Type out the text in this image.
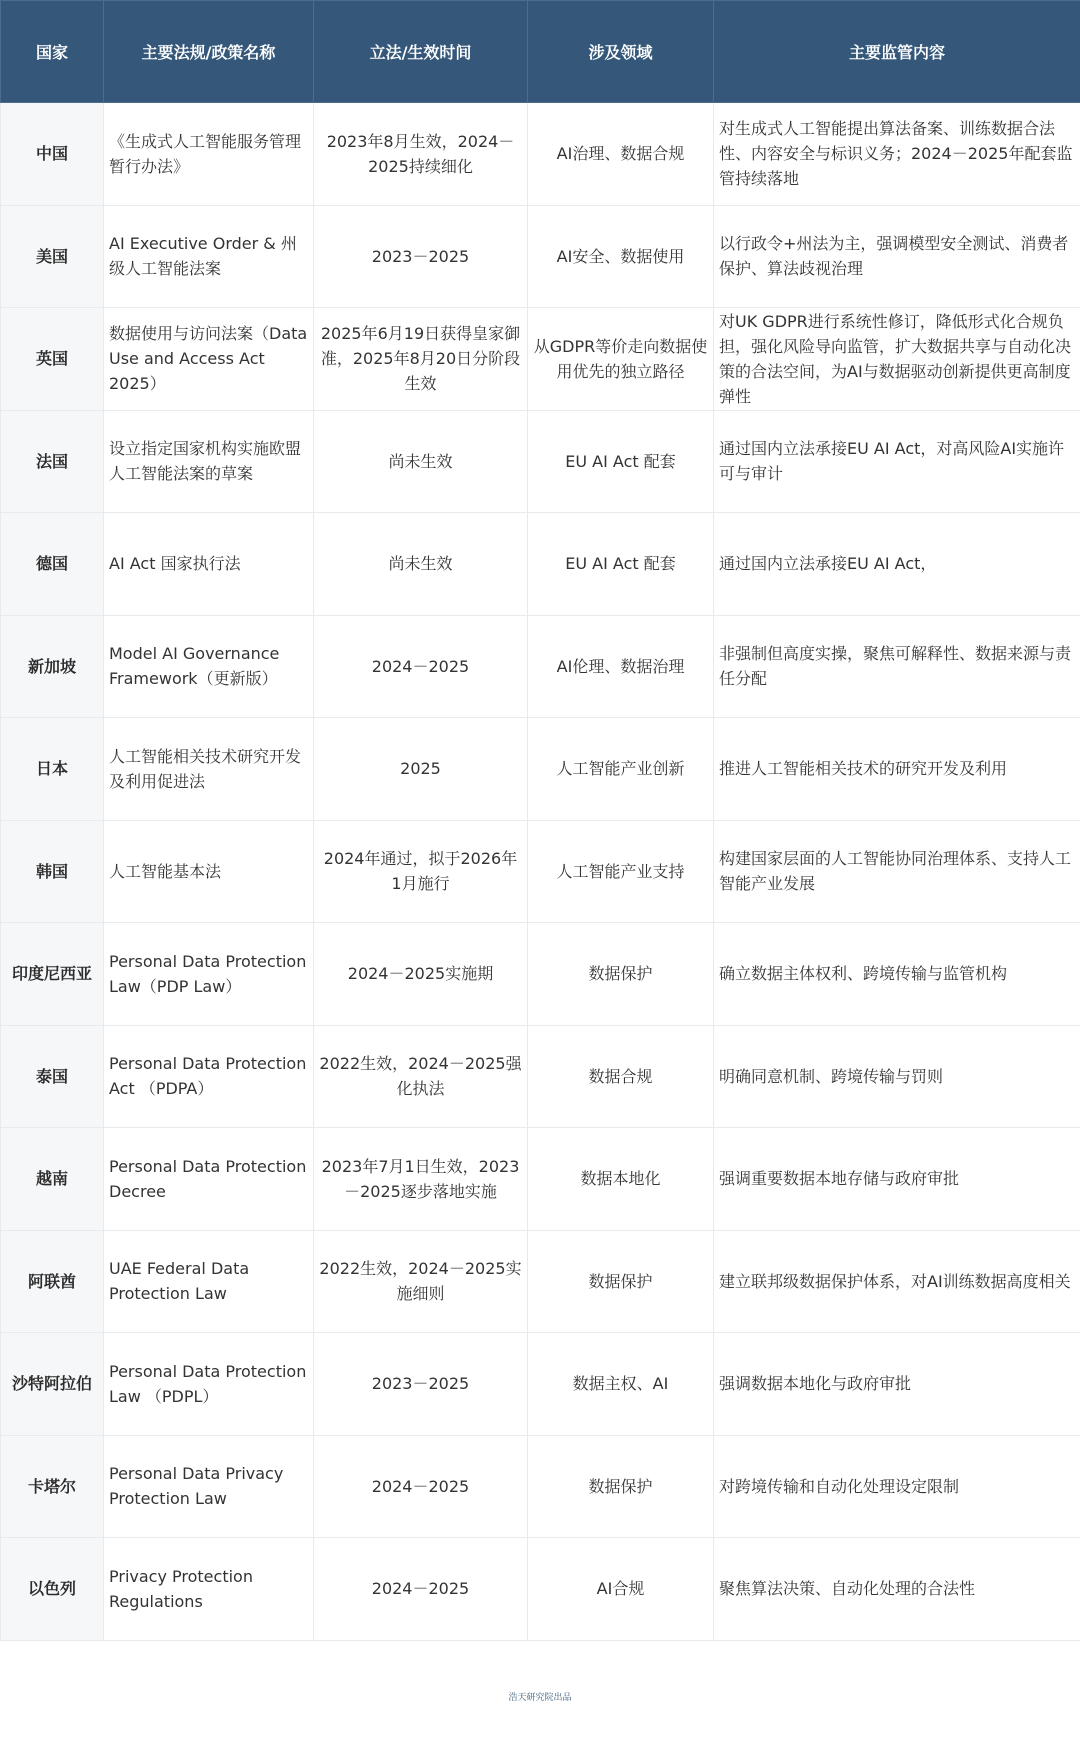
国家	主要法规/政策名称	立法/生效时间	涉及领域	主要监管内容
中国	《生成式人工智能服务管理暂行办法》	2023年8月生效，2024－2025持续细化	AI治理、数据合规	对生成式人工智能提出算法备案、训练数据合法性、内容安全与标识义务；2024－2025年配套监管持续落地
美国	AI Executive Order & 州级人工智能法案	2023－2025	AI安全、数据使用	以行政令+州法为主，强调模型安全测试、消费者保护、算法歧视治理
英国	数据使用与访问法案（Data Use and Access Act 2025）	2025年6月19日获得皇家御准，2025年8月20日分阶段生效	从GDPR等价走向数据使用优先的独立路径	对UK GDPR进行系统性修订，降低形式化合规负担，强化风险导向监管，扩大数据共享与自动化决策的合法空间，为AI与数据驱动创新提供更高制度弹性
法国	设立指定国家机构实施欧盟人工智能法案的草案	尚未生效	EU AI Act 配套	通过国内立法承接EU AI Act，对高风险AI实施许可与审计
德国	AI Act 国家执行法	尚未生效	EU AI Act 配套	通过国内立法承接EU AI Act，
新加坡	Model AI Governance Framework（更新版）	2024－2025	AI伦理、数据治理	非强制但高度实操，聚焦可解释性、数据来源与责任分配
日本	人工智能相关技术研究开发及利用促进法	2025	人工智能产业创新	推进人工智能相关技术的研究开发及利用
韩国	人工智能基本法	2024年通过，拟于2026年1月施行	人工智能产业支持	构建国家层面的人工智能协同治理体系、支持人工智能产业发展
印度尼西亚	Personal Data Protection Law（PDP Law）	2024－2025实施期	数据保护	确立数据主体权利、跨境传输与监管机构
泰国	Personal Data Protection Act （PDPA）	2022生效，2024－2025强化执法	数据合规	明确同意机制、跨境传输与罚则
越南	Personal Data Protection Decree	2023年7月1日生效，2023－2025逐步落地实施	数据本地化	强调重要数据本地存储与政府审批
阿联酋	UAE Federal Data Protection Law	2022生效，2024－2025实施细则	数据保护	建立联邦级数据保护体系，对AI训练数据高度相关
沙特阿拉伯	Personal Data Protection Law （PDPL）	2023－2025	数据主权、AI	强调数据本地化与政府审批
卡塔尔	Personal Data Privacy Protection Law	2024－2025	数据保护	对跨境传输和自动化处理设定限制
以色列	Privacy Protection Regulations	2024－2025	AI合规	聚焦算法决策、自动化处理的合法性
浩天研究院出品
